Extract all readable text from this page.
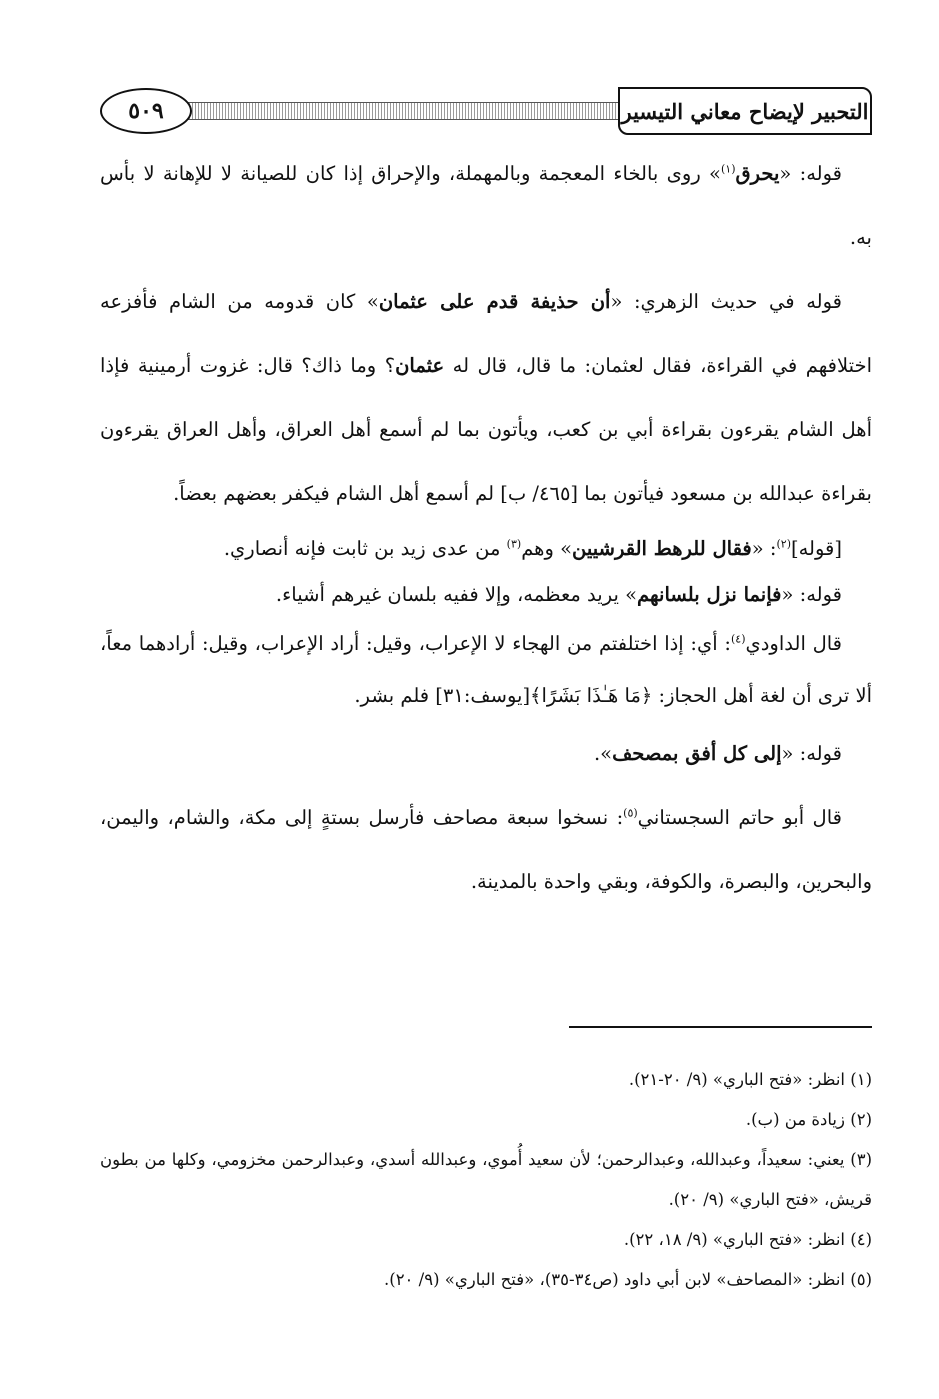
التحبير لإيضاح معاني التيسير
٥٠٩

قوله: «يحرق$^{(١)}$» روى بالخاء المعجمة وبالمهملة، والإحراق إذا كان للصيانة لا للإهانة لا بأس به.

قوله في حديث الزهري: «أن حذيفة قدم على عثمان» كان قدومه من الشام فأفزعه اختلافهم في القراءة، فقال لعثمان: ما قال، قال له عثمان؟ وما ذاك؟ قال: غزوت أرمينية فإذا أهل الشام يقرءون بقراءة أبي بن كعب، ويأتون بما لم أسمع أهل العراق، وأهل العراق يقرءون بقراءة عبدالله بن مسعود فيأتون بما [٤٦٥/ ب] لم أسمع أهل الشام فيكفر بعضهم بعضاً.

[قوله]$^{(٢)}$: «فقال للرهط القرشيين» وهم$^{(٣)}$ من عدى زيد بن ثابت فإنه أنصاري.

قوله: «فإنما نزل بلسانهم» يريد معظمه، وإلا ففيه بلسان غيرهم أشياء.

قال الداودي$^{(٤)}$: أي: إذا اختلفتم من الهجاء لا الإعراب، وقيل: أراد الإعراب، وقيل: أرادهما معاً، ألا ترى أن لغة أهل الحجاز: ﴿مَا هَـٰذَا بَشَرًا﴾[يوسف:٣١] فلم بشر.

قوله: «إلى كل أفق بمصحف».

قال أبو حاتم السجستاني$^{(٥)}$: نسخوا سبعة مصاحف فأرسل بستةٍ إلى مكة، والشام، واليمن، والبحرين، والبصرة، والكوفة، وبقي واحدة بالمدينة.

(١) انظر: «فتح الباري» (٩/ ٢٠-٢١).

(٢) زيادة من (ب).

(٣) يعني: سعيداً، وعبدالله، وعبدالرحمن؛ لأن سعيد أُموي، وعبدالله أسدي، وعبدالرحمن مخزومي، وكلها من بطون قريش، «فتح الباري» (٩/ ٢٠).

(٤) انظر: «فتح الباري» (٩/ ١٨، ٢٢).

(٥) انظر: «المصاحف» لابن أبي داود (ص٣٤-٣٥)، «فتح الباري» (٩/ ٢٠).
